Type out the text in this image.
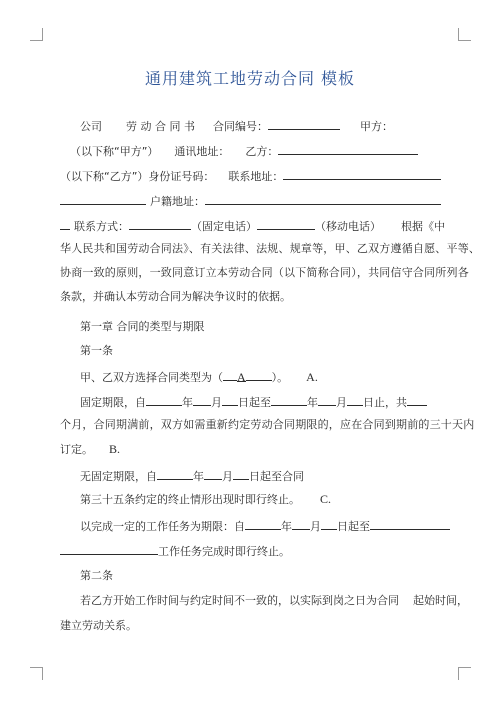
通用建筑工地劳动合同 模板
公司 劳 动 合 同 书 合同编号：	甲方：
（以下称“甲方”） 通讯地址： 乙方：
（以下称“乙方”）身份证号码： 联系地址：
户籍地址：
联系方式：	（固定电话）	（移动电话） 根据《中
华人民共和国劳动合同法》、有关法律、法规、规章等，甲、乙双方遵循自愿、平等、
协商一致的原则，一致同意订立本劳动合同（以下简称合同），共同信守合同所列各
条款，并确认本劳动合同为解决争议时的依据。
第一章 合同的类型与期限
第一条
甲、乙双方选择合同类型为（ A ）。 A.
固定期限，自	年 月 日起至	年 月 日止，共
个月，合同期满前，双方如需重新约定劳动合同期限的，应在合同到期前的三十天内
订定。 B.
无固定期限，自	年 月 日起至合同
第三十五条约定的终止情形出现时即行终止。 C.
以完成一定的工作任务为期限：自	年 月 日起至
工作任务完成时即行终止。
第二条
若乙方开始工作时间与约定时间不一致的，以实际到岗之日为合同 起始时间，
建立劳动关系。
